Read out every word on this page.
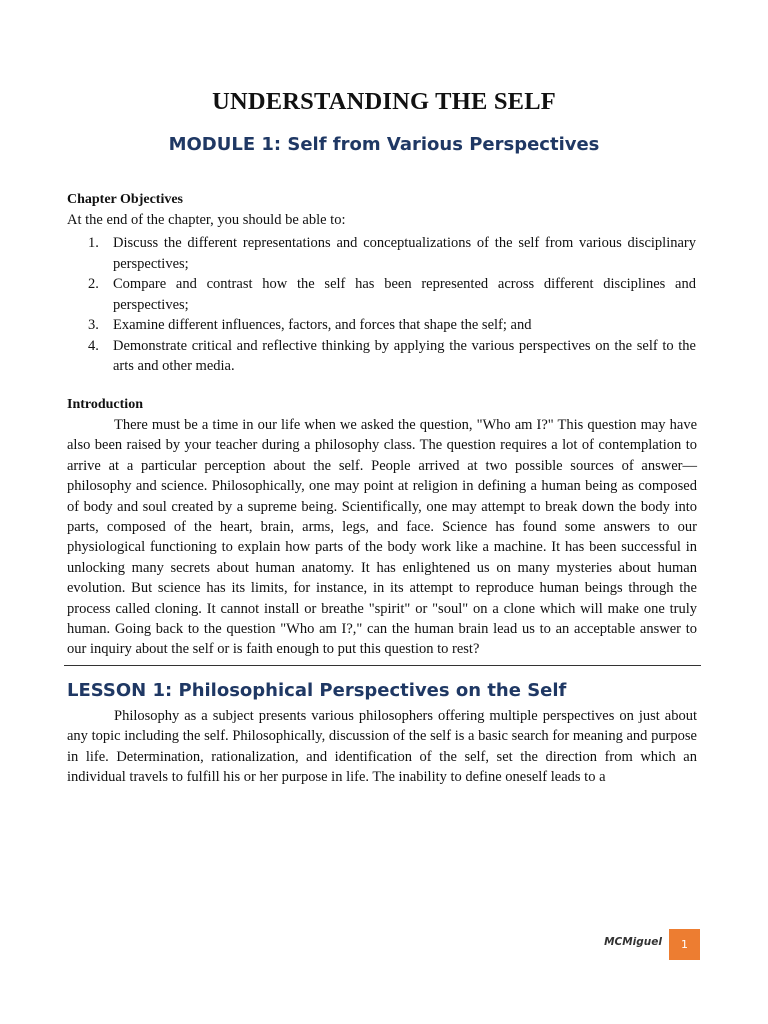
UNDERSTANDING THE SELF
MODULE 1: Self from Various Perspectives
Chapter Objectives
At the end of the chapter, you should be able to:
1. Discuss the different representations and conceptualizations of the self from various disciplinary perspectives;
2. Compare and contrast how the self has been represented across different disciplines and perspectives;
3. Examine different influences, factors, and forces that shape the self; and
4. Demonstrate critical and reflective thinking by applying the various perspectives on the self to the arts and other media.
Introduction

There must be a time in our life when we asked the question, "Who am I?" This question may have also been raised by your teacher during a philosophy class. The question requires a lot of contemplation to arrive at a particular perception about the self. People arrived at two possible sources of answer—philosophy and science. Philosophically, one may point at religion in defining a human being as composed of body and soul created by a supreme being. Scientifically, one may attempt to break down the body into parts, composed of the heart, brain, arms, legs, and face. Science has found some answers to our physiological functioning to explain how parts of the body work like a machine. It has been successful in unlocking many secrets about human anatomy. It has enlightened us on many mysteries about human evolution. But science has its limits, for instance, in its attempt to reproduce human beings through the process called cloning. It cannot install or breathe "spirit" or "soul" on a clone which will make one truly human. Going back to the question "Who am I?," can the human brain lead us to an acceptable answer to our inquiry about the self or is faith enough to put this question to rest?

LESSON 1: Philosophical Perspectives on the Self

Philosophy as a subject presents various philosophers offering multiple perspectives on just about any topic including the self. Philosophically, discussion of the self is a basic search for meaning and purpose in life. Determination, rationalization, and identification of the self, set the direction from which an individual travels to fulfill his or her purpose in life. The inability to define oneself leads to a

MCMiguel	1
